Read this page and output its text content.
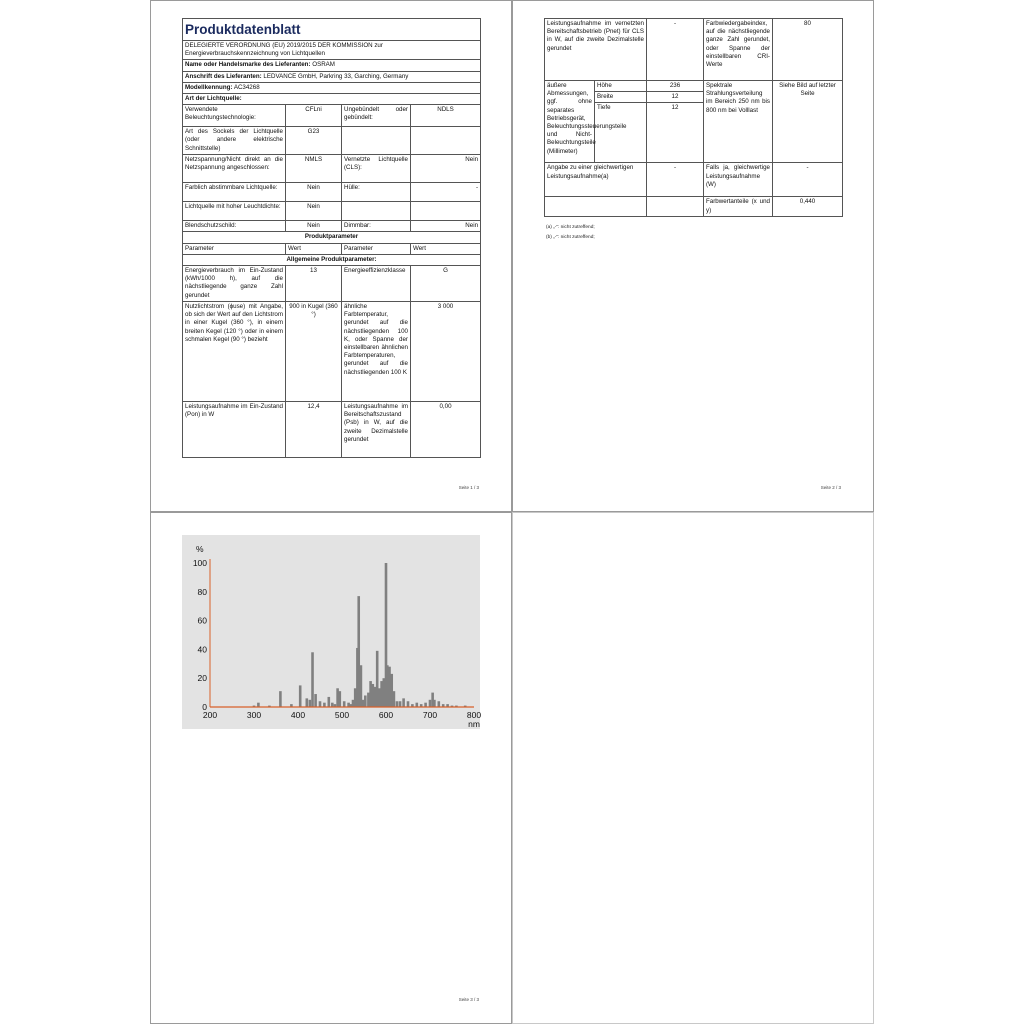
Produktdatenblatt			
DELEGIERTE VERORDNUNG (EU) 2019/2015 DER KOMMISSION zur Energieverbrauchskennzeichnung von Lichtquellen			
Name oder Handelsmarke des Lieferanten: OSRAM			
Anschrift des Lieferanten: LEDVANCE GmbH, Parkring 33, Garching, Germany			
Modellkennung: AC34268			
Art der Lichtquelle:			
Verwendete Beleuchtungstechnologie:	CFLni	Ungebündelt oder gebündelt:	NDLS
Art des Sockels der Lichtquelle (oder andere elektrische Schnittstelle)	G23		
Netzspannung/Nicht direkt an die Netzspannung angeschlossen:	NMLS	Vernetzte Lichtquelle (CLS):	Nein
Farblich abstimmbare Lichtquelle:	Nein	Hülle:	-
Lichtquelle mit hoher Leuchtdichte:	Nein		
Blendschutzschild:	Nein	Dimmbar:	Nein
Produktparameter			
Parameter	Wert	Parameter	Wert
Allgemeine Produktparameter:			
Energieverbrauch im Ein-Zustand (kWh/1000 h), auf die nächstliegende ganze Zahl gerundet	13	Energieeffizienzklasse	G
Nutzlichtstrom (ϕuse) mit Angabe, ob sich der Wert auf den Lichtstrom in einer Kugel (360 °), in einem breiten Kegel (120 °) oder in einem schmalen Kegel (90 °) bezieht	900 in Kugel (360 °)	ähnliche Farbtemperatur, gerundet auf die nächstliegenden 100 K, oder Spanne der einstellbaren ähnlichen Farbtemperaturen, gerundet auf die nächstliegenden 100 K	3 000
Leistungsaufnahme im Ein-Zustand (Pon) in W	12,4	Leistungsaufnahme im Bereitschaftszustand (Psb) in W, auf die zweite Dezimalstelle gerundet	0,00
Seite 1 / 3
Leistungsaufnahme im vernetzten Bereitschaftsbetrieb (Pnet) für CLS in W, auf die zweite Dezimalstelle gerundet		-	Farbwiedergabeindex, auf die nächstliegende ganze Zahl gerundet, oder Spanne der einstellbaren CRI-Werte	80
äußere Abmessungen, ggf. ohne separates Betriebsgerät, Beleuchtungssteuerungsteile und Nicht-Beleuchtungsteile (Millimeter)	Höhe	236	Spektrale Strahlungsverteilung im Bereich 250 nm bis 800 nm bei Volllast	Siehe Bild auf letzter Seite
	Breite	12		
	Tiefe	12		
Angabe zu einer gleichwertigen Leistungsaufnahme(a)		-	Falls ja, gleichwertige Leistungsaufnahme (W)	-
			Farbwertanteile (x und y)	0,440
(a) „-“: nicht zutreffend;
(b) „-“: nicht zutreffend;
Seite 2 / 3
%
0
20
40
60
80
100
200	300	400	500	600	700	800
nm
Seite 3 / 3
